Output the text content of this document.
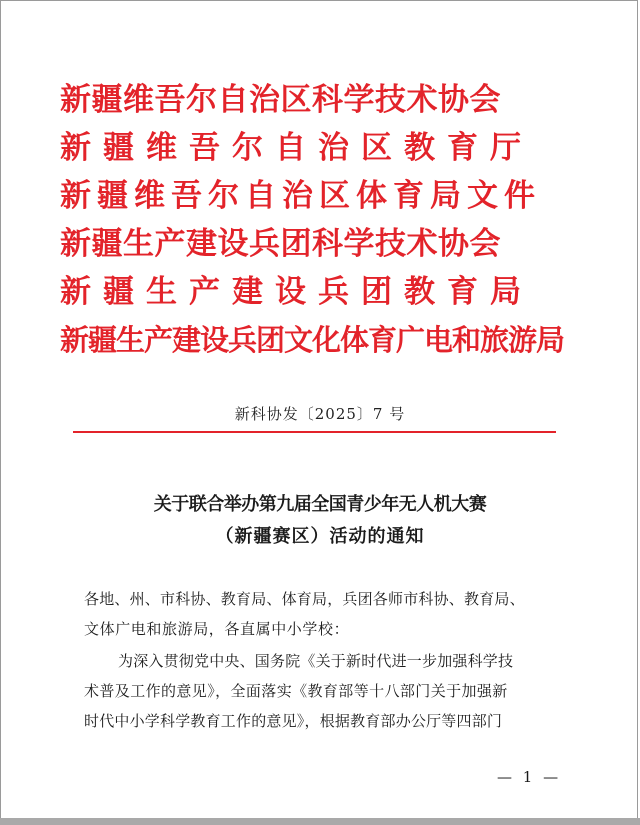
新疆维吾尔自治区科学技术协会
新疆维吾尔自治区教育厅
新疆维吾尔自治区体育局文件
新疆生产建设兵团科学技术协会
新疆生产建设兵团教育局
新疆生产建设兵团文化体育广电和旅游局
新科协发〔2025〕7 号
关于联合举办第九届全国青少年无人机大赛
（新疆赛区）活动的通知
各地、州、市科协、教育局、体育局，兵团各师市科协、教育局、
文体广电和旅游局，各直属中小学校：
为深入贯彻党中央、国务院《关于新时代进一步加强科学技
术普及工作的意见》，全面落实《教育部等十八部门关于加强新
时代中小学科学教育工作的意见》，根据教育部办公厅等四部门
— 1 —
